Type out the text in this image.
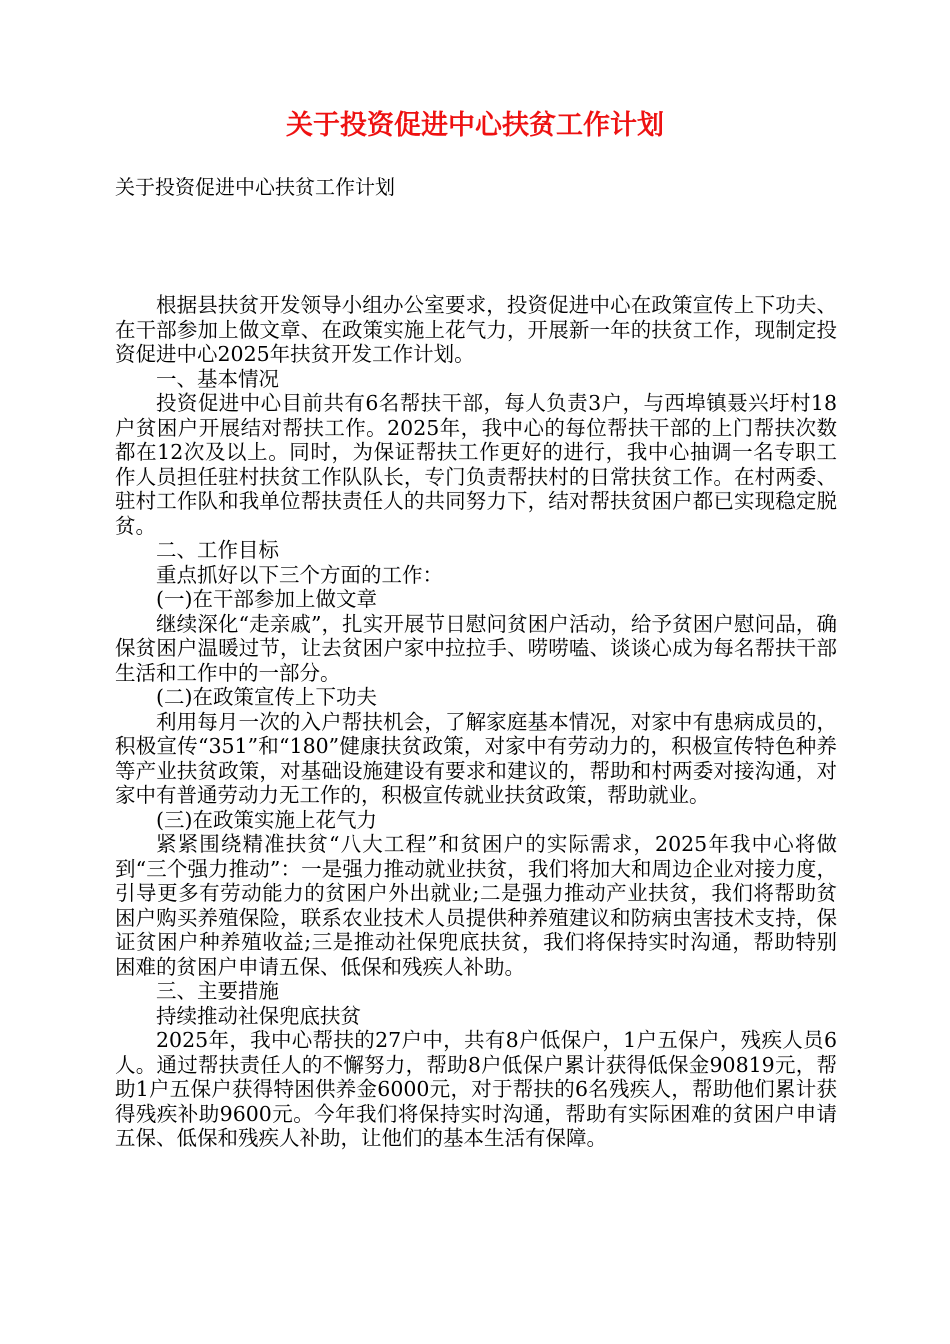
关于投资促进中心扶贫工作计划

关于投资促进中心扶贫工作计划

根据县扶贫开发领导小组办公室要求，投资促进中心在政策宣传上下功夫、在干部参加上做文章、在政策实施上花气力，开展新一年的扶贫工作，现制定投资促进中心2025年扶贫开发工作计划。

一、基本情况

投资促进中心目前共有6名帮扶干部，每人负责3户，与西埠镇聂兴圩村18户贫困户开展结对帮扶工作。2025年，我中心的每位帮扶干部的上门帮扶次数都在12次及以上。同时，为保证帮扶工作更好的进行，我中心抽调一名专职工作人员担任驻村扶贫工作队队长，专门负责帮扶村的日常扶贫工作。在村两委、驻村工作队和我单位帮扶责任人的共同努力下，结对帮扶贫困户都已实现稳定脱贫。

二、工作目标

重点抓好以下三个方面的工作：

(一)在干部参加上做文章

继续深化“走亲戚”，扎实开展节日慰问贫困户活动，给予贫困户慰问品，确保贫困户温暖过节，让去贫困户家中拉拉手、唠唠嗑、谈谈心成为每名帮扶干部生活和工作中的一部分。

(二)在政策宣传上下功夫

利用每月一次的入户帮扶机会，了解家庭基本情况，对家中有患病成员的，积极宣传“351”和“180”健康扶贫政策，对家中有劳动力的，积极宣传特色种养等产业扶贫政策，对基础设施建设有要求和建议的，帮助和村两委对接沟通，对家中有普通劳动力无工作的，积极宣传就业扶贫政策，帮助就业。

(三)在政策实施上花气力

紧紧围绕精准扶贫“八大工程”和贫困户的实际需求，2025年我中心将做到“三个强力推动”：一是强力推动就业扶贫，我们将加大和周边企业对接力度，引导更多有劳动能力的贫困户外出就业;二是强力推动产业扶贫，我们将帮助贫困户购买养殖保险，联系农业技术人员提供种养殖建议和防病虫害技术支持，保证贫困户种养殖收益;三是推动社保兜底扶贫，我们将保持实时沟通，帮助特别困难的贫困户申请五保、低保和残疾人补助。

三、主要措施

持续推动社保兜底扶贫

2025年，我中心帮扶的27户中，共有8户低保户，1户五保户，残疾人员6人。通过帮扶责任人的不懈努力，帮助8户低保户累计获得低保金90819元，帮助1户五保户获得特困供养金6000元，对于帮扶的6名残疾人，帮助他们累计获得残疾补助9600元。今年我们将保持实时沟通，帮助有实际困难的贫困户申请五保、低保和残疾人补助，让他们的基本生活有保障。
